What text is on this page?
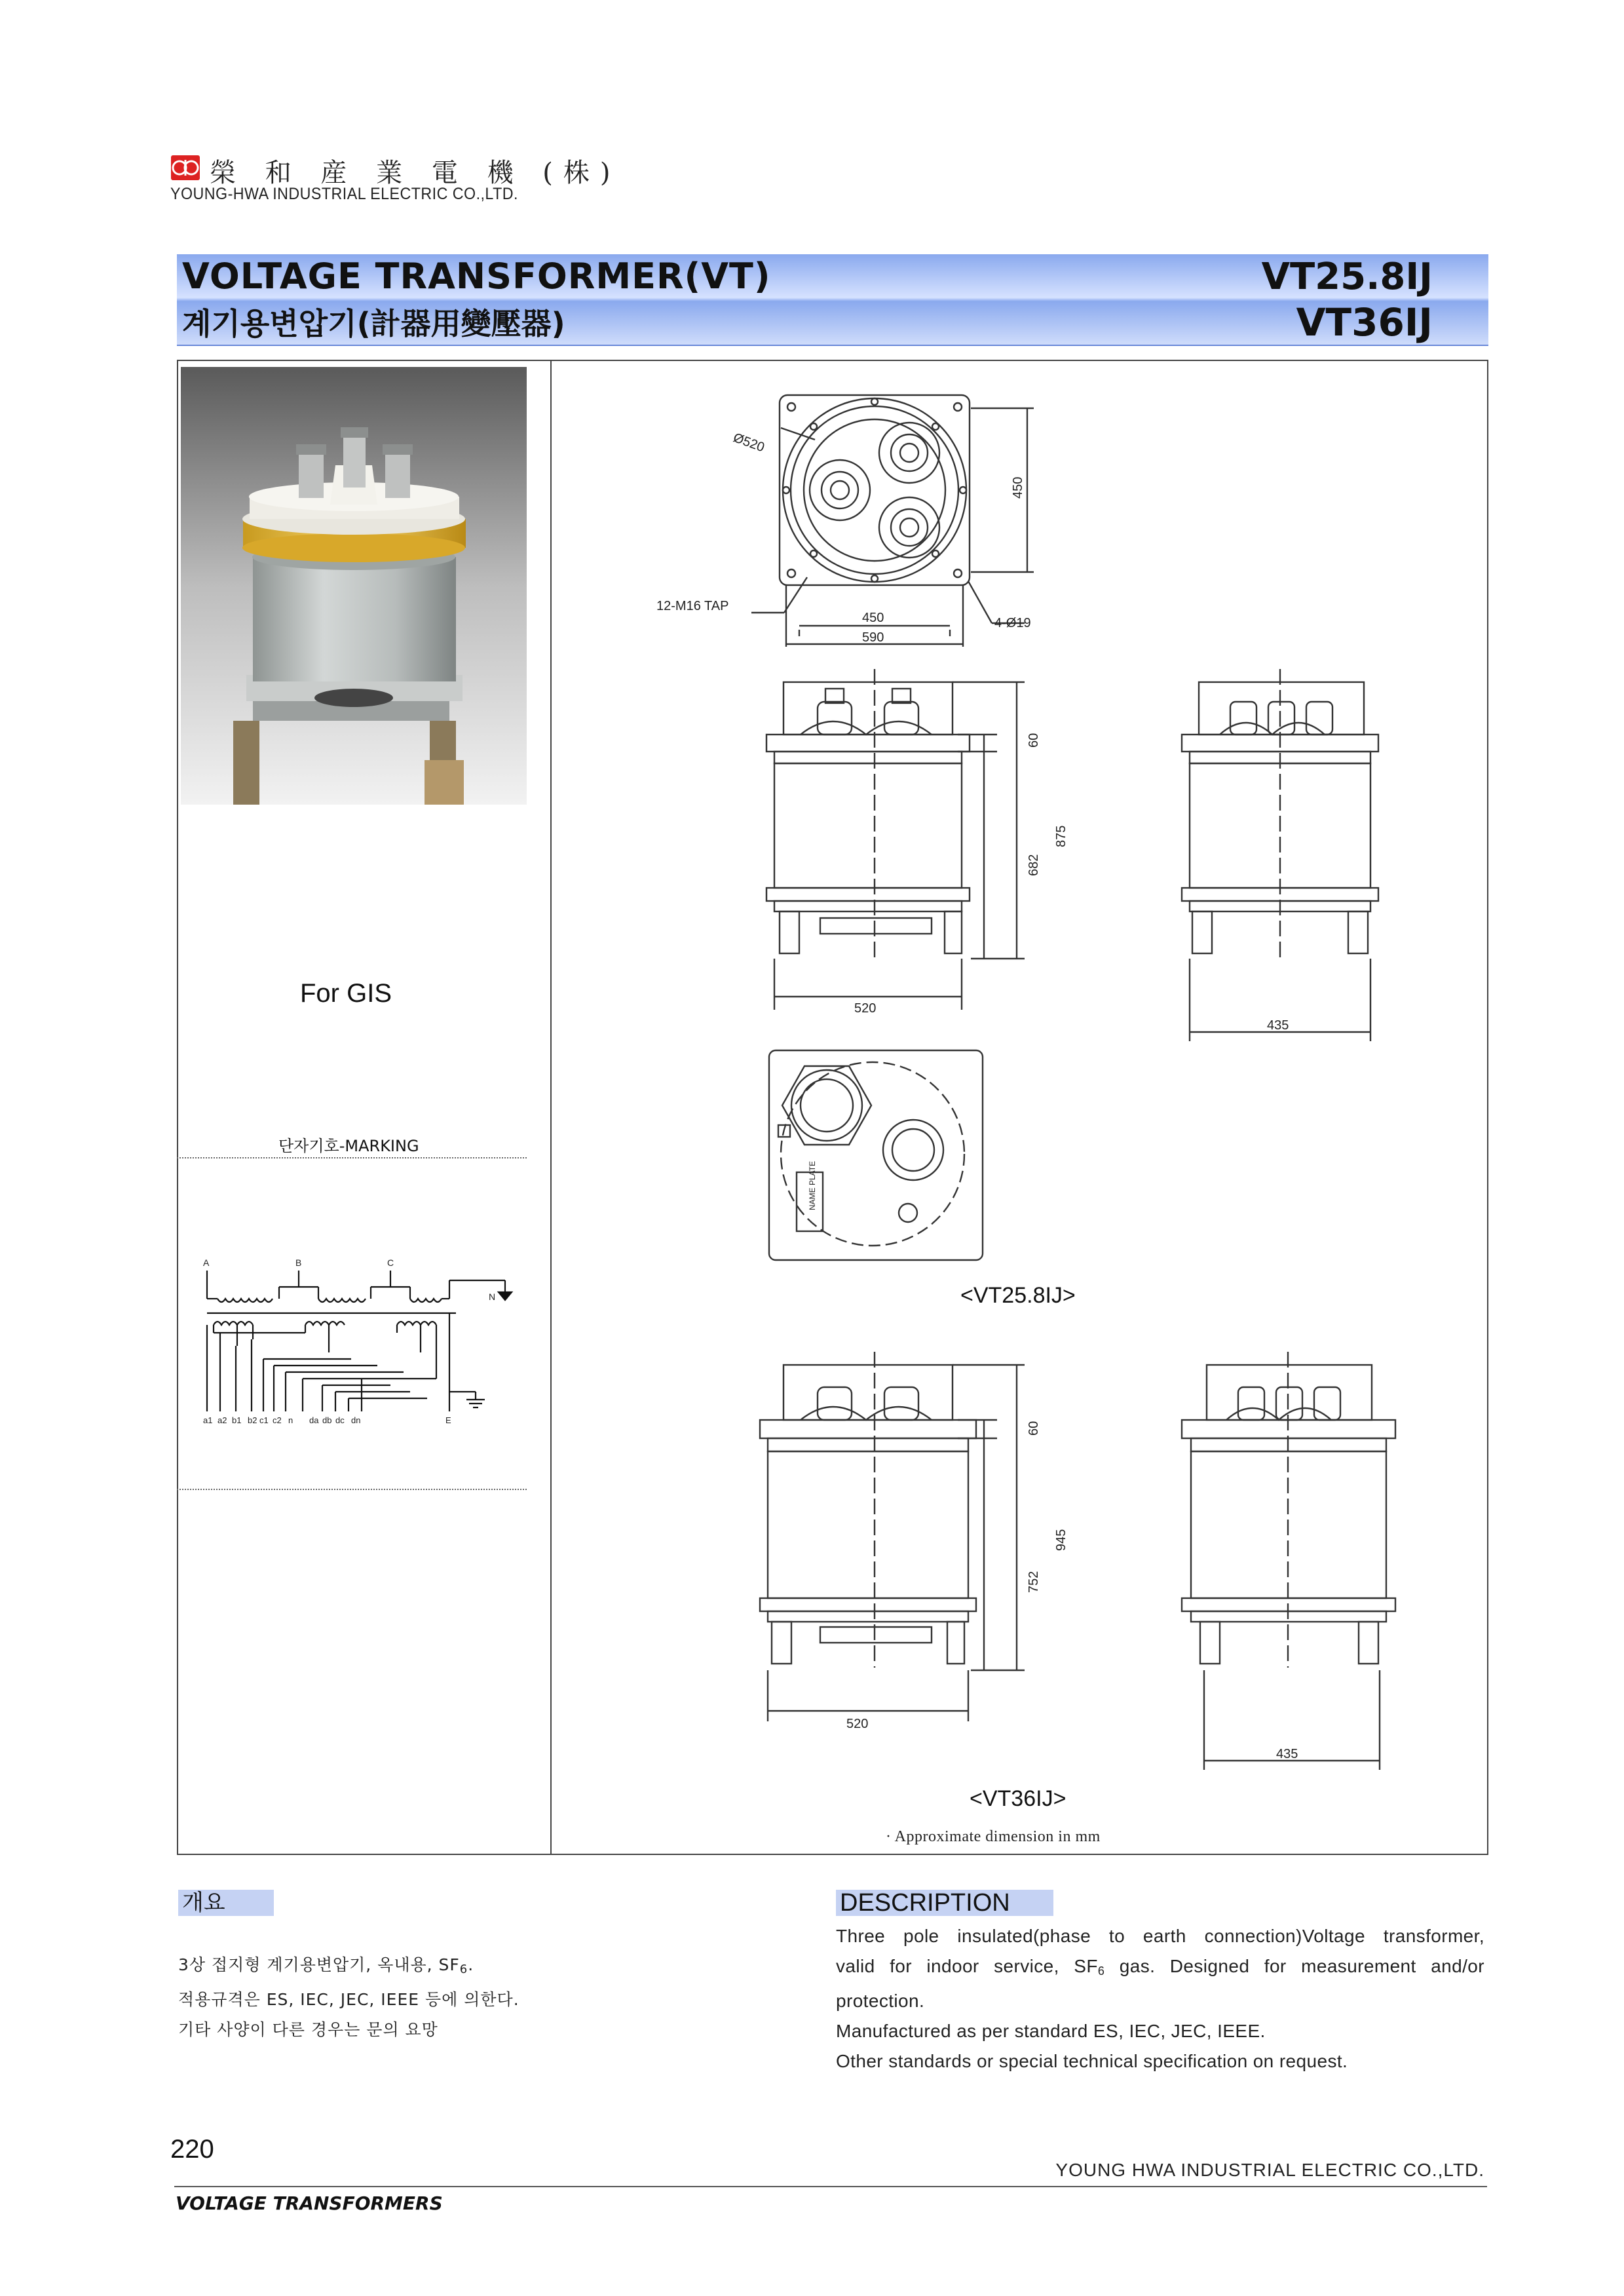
榮 和 産 業 電 機 (株)
YOUNG-HWA INDUSTRIAL ELECTRIC CO.,LTD.
VOLTAGE TRANSFORMER(VT)
계기용변압기(計器用變壓器)
VT25.8IJ
VT36IJ
For GIS
단자기호-MARKING
A	B	C
N
a1 a2 b1 b2 c1 c2 n da db dc dn	E
Ø520
450
12-M16 TAP
450
590
4-Ø19
60
875
682
520
435
NAME PLATE
60
945
752
520
435
<VT25.8IJ>
<VT36IJ>
· Approximate dimension in mm
개요	DESCRIPTION
3상 접지형 계기용변압기, 옥내용, $SF_6$.
적용규격은 ES, IEC, JEC, IEEE 등에 의한다.
기타 사양이 다른 경우는 문의 요망
Three pole insulated(phase to earth connection)Voltage transformer,
valid for indoor service, $SF_6$ gas. Designed for measurement and/or
protection.
Manufactured as per standard ES, IEC, JEC, IEEE.
Other standards or special technical specification on request.
220
YOUNG HWA INDUSTRIAL ELECTRIC CO.,LTD.
VOLTAGE TRANSFORMERS
